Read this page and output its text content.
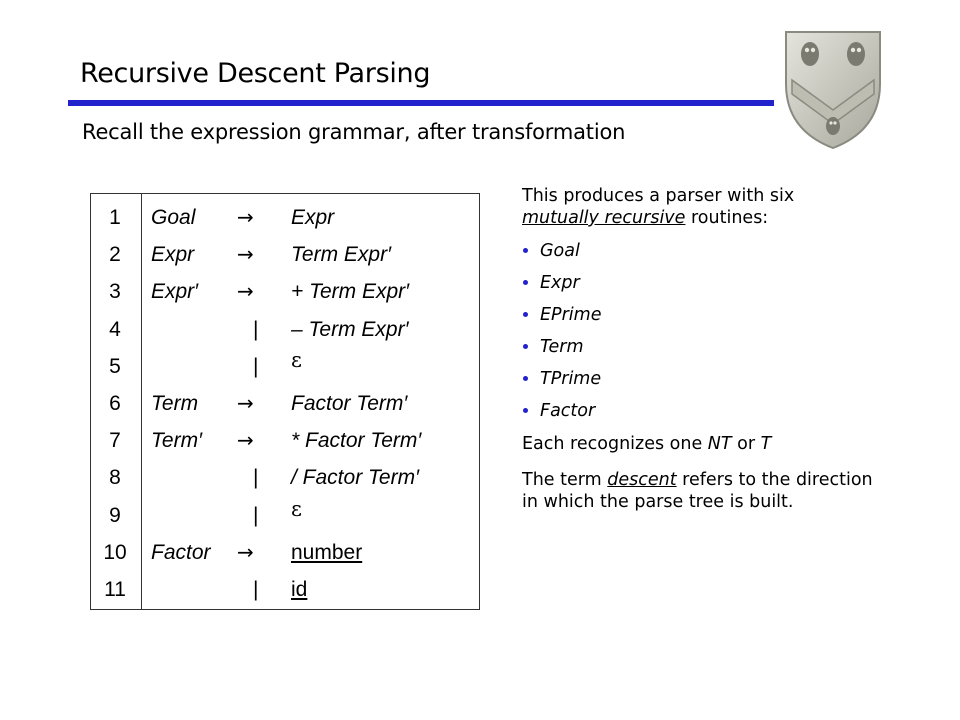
Recursive Descent Parsing
Recall the expression grammar, after transformation
1	Goal → Expr
2	Expr → Term Expr′
3	Expr′ → + Term Expr′
4	| – Term Expr′
5	| ε
6	Term → Factor Term′
7	Term′ → * Factor Term′
8	| / Factor Term′
9	| ε
10	Factor → number
11	| id

This produces a parser with six
mutually recursive routines:

Goal
Expr
EPrime
Term
TPrime
Factor

Each recognizes one NT or T

The term descent refers to the direction in which the parse tree is built.
